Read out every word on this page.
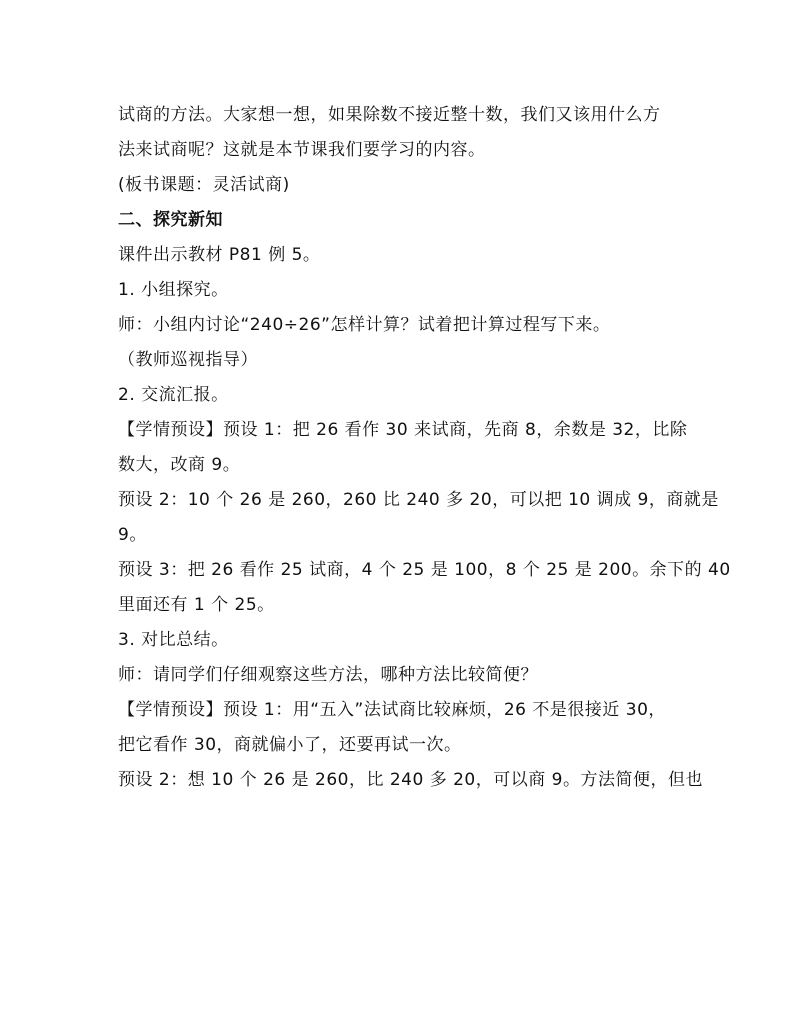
试商的方法。大家想一想，如果除数不接近整十数，我们又该用什么方
法来试商呢？这就是本节课我们要学习的内容。
(板书课题：灵活试商)
二、探究新知
课件出示教材 P81 例 5。
1. 小组探究。
师：小组内讨论“240÷26”怎样计算？试着把计算过程写下来。
（教师巡视指导）
2. 交流汇报。
【学情预设】预设 1：把 26 看作 30 来试商，先商 8，余数是 32，比除
数大，改商 9。
预设 2：10 个 26 是 260，260 比 240 多 20，可以把 10 调成 9，商就是
9。
预设 3：把 26 看作 25 试商，4 个 25 是 100，8 个 25 是 200。余下的 40
里面还有 1 个 25。
3. 对比总结。
师：请同学们仔细观察这些方法，哪种方法比较简便？
【学情预设】预设 1：用“五入”法试商比较麻烦，26 不是很接近 30，
把它看作 30，商就偏小了，还要再试一次。
预设 2：想 10 个 26 是 260，比 240 多 20，可以商 9。方法简便，但也
